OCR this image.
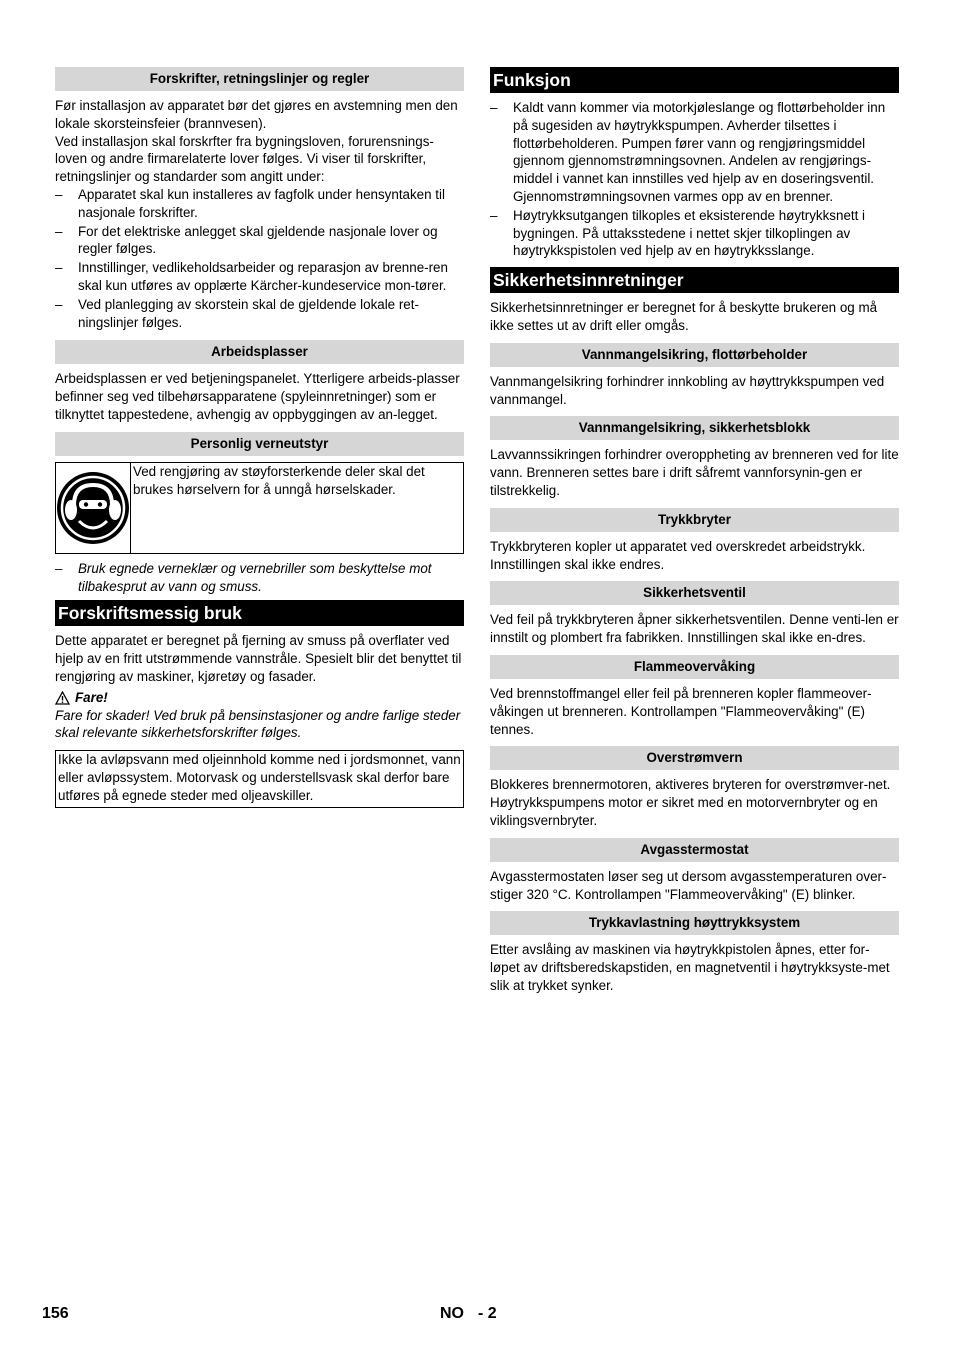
Forskrifter, retningslinjer og regler

Før installasjon av apparatet bør det gjøres en avstemning men den lokale skorsteinsfeier (brannvesen).

Ved installasjon skal forskrfter fra bygningsloven, forurensnings-loven og andre firmarelaterte lover følges. Vi viser til forskrifter, retningslinjer og standarder som angitt under:

– Apparatet skal kun installeres av fagfolk under hensyntaken til nasjonale forskrifter.
– For det elektriske anlegget skal gjeldende nasjonale lover og regler følges.
– Innstillinger, vedlikeholdsarbeider og reparasjon av brenne-ren skal kun utføres av opplærte Kärcher-kundeservice mon-tører.
– Ved planlegging av skorstein skal de gjeldende lokale ret-ningslinjer følges.
Arbeidsplasser

Arbeidsplassen er ved betjeningspanelet. Ytterligere arbeids-plasser befinner seg ved tilbehørsapparatene (spyleinnretninger) som er tilknyttet tappestedene, avhengig av oppbyggingen av an-legget.

Personlig verneutstyr
Ved rengjøring av støyforsterkende deler skal det brukes hørselvern for å unngå hørselskader.
– Bruk egnede verneklær og vernebriller som beskyttelse mot tilbakesprut av vann og smuss.
Forskriftsmessig bruk

Dette apparatet er beregnet på fjerning av smuss på overflater ved hjelp av en fritt utstrømmende vannstråle. Spesielt blir det benyttet til rengjøring av maskiner, kjøretøy og fasader.

Fare!

Fare for skader! Ved bruk på bensinstasjoner og andre farlige steder skal relevante sikkerhetsforskrifter følges.

Ikke la avløpsvann med oljeinnhold komme ned i jordsmonnet, vann eller avløpssystem. Motorvask og understellsvask skal derfor bare utføres på egnede steder med oljeavskiller.

Funksjon
– Kaldt vann kommer via motorkjøleslange og flottørbeholder inn på sugesiden av høytrykkspumpen. Avherder tilsettes i flottørbeholderen. Pumpen fører vann og rengjøringsmiddel gjennom gjennomstrømningsovnen. Andelen av rengjørings-middel i vannet kan innstilles ved hjelp av en doseringsventil. Gjennomstrømningsovnen varmes opp av en brenner.
– Høytrykksutgangen tilkoples et eksisterende høytrykksnett i bygningen. På uttaksstedene i nettet skjer tilkoplingen av høytrykkspistolen ved hjelp av en høytrykksslange.
Sikkerhetsinnretninger

Sikkerhetsinnretninger er beregnet for å beskytte brukeren og må ikke settes ut av drift eller omgås.

Vannmangelsikring, flottørbeholder

Vannmangelsikring forhindrer innkobling av høyttrykkspumpen ved vannmangel.

Vannmangelsikring, sikkerhetsblokk

Lavvannssikringen forhindrer overoppheting av brenneren ved for lite vann. Brenneren settes bare i drift såfremt vannforsynin-gen er tilstrekkelig.

Trykkbryter

Trykkbryteren kopler ut apparatet ved overskredet arbeidstrykk. Innstillingen skal ikke endres.

Sikkerhetsventil

Ved feil på trykkbryteren åpner sikkerhetsventilen. Denne venti-len er innstilt og plombert fra fabrikken. Innstillingen skal ikke en-dres.

Flammeovervåking

Ved brennstoffmangel eller feil på brenneren kopler flammeover-våkingen ut brenneren. Kontrollampen "Flammeovervåking" (E) tennes.

Overstrømvern

Blokkeres brennermotoren, aktiveres bryteren for overstrømver-net. Høytrykkspumpens motor er sikret med en motorvernbryter og en viklingsvernbryter.

Avgasstermostat

Avgasstermostaten løser seg ut dersom avgasstemperaturen over-stiger 320 °C. Kontrollampen "Flammeovervåking" (E) blinker.

Trykkavlastning høyttrykksystem

Etter avslåing av maskinen via høytrykkpistolen åpnes, etter for-løpet av driftsberedskapstiden, en magnetventil i høytrykksyste-met slik at trykket synker.

156	NO - 2
